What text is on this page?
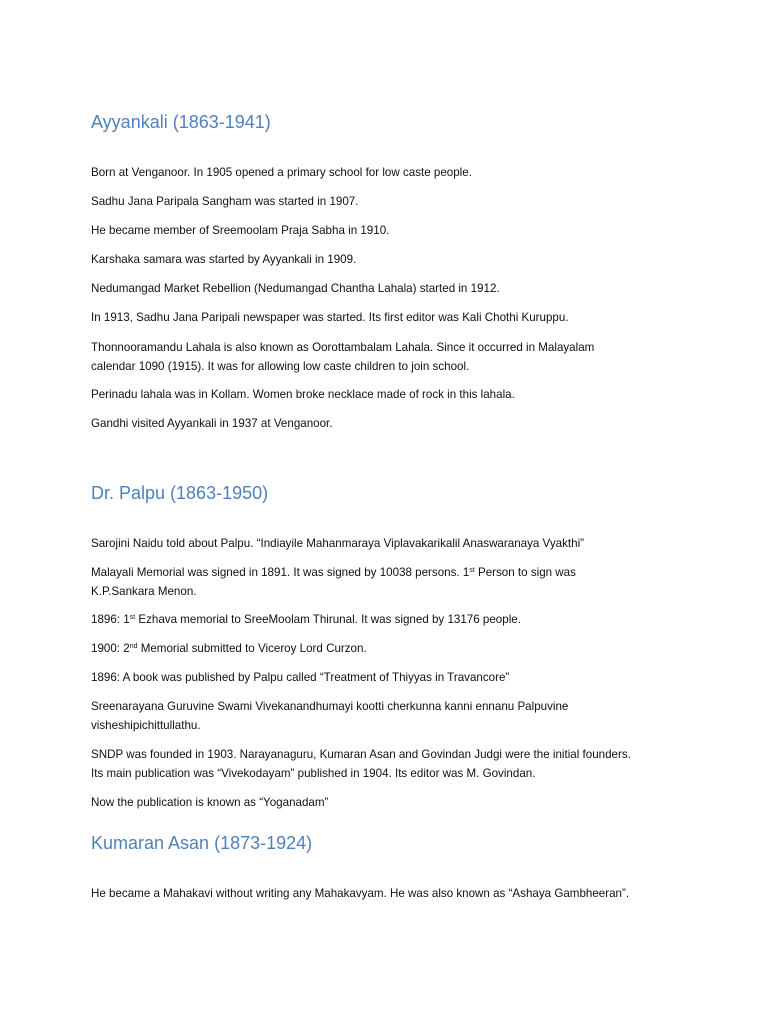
Ayyankali (1863-1941)

Born at Venganoor. In 1905 opened a primary school for low caste people.

Sadhu Jana Paripala Sangham was started in 1907.

He became member of Sreemoolam Praja Sabha in 1910.

Karshaka samara was started by Ayyankali in 1909.

Nedumangad Market Rebellion (Nedumangad Chantha Lahala) started in 1912.

In 1913, Sadhu Jana Paripali newspaper was started. Its first editor was Kali Chothi Kuruppu.

Thonnooramandu Lahala is also known as Oorottambalam Lahala. Since it occurred in Malayalam
calendar 1090 (1915). It was for allowing low caste children to join school.

Perinadu lahala was in Kollam. Women broke necklace made of rock in this lahala.

Gandhi visited Ayyankali in 1937 at Venganoor.

Dr. Palpu (1863-1950)

Sarojini Naidu told about Palpu. “Indiayile Mahanmaraya Viplavakarikalil Anaswaranaya Vyakthi”

Malayali Memorial was signed in 1891. It was signed by 10038 persons. 1st Person to sign was
K.P.Sankara Menon.

1896: 1st Ezhava memorial to SreeMoolam Thirunal. It was signed by 13176 people.

1900: 2nd Memorial submitted to Viceroy Lord Curzon.

1896: A book was published by Palpu called “Treatment of Thiyyas in Travancore”

Sreenarayana Guruvine Swami Vivekanandhumayi kootti cherkunna kanni ennanu Palpuvine
visheshipichittullathu.

SNDP was founded in 1903. Narayanaguru, Kumaran Asan and Govindan Judgi were the initial founders.
Its main publication was “Vivekodayam” published in 1904. Its editor was M. Govindan.

Now the publication is known as “Yoganadam”

Kumaran Asan (1873-1924)

He became a Mahakavi without writing any Mahakavyam. He was also known as “Ashaya Gambheeran”.
